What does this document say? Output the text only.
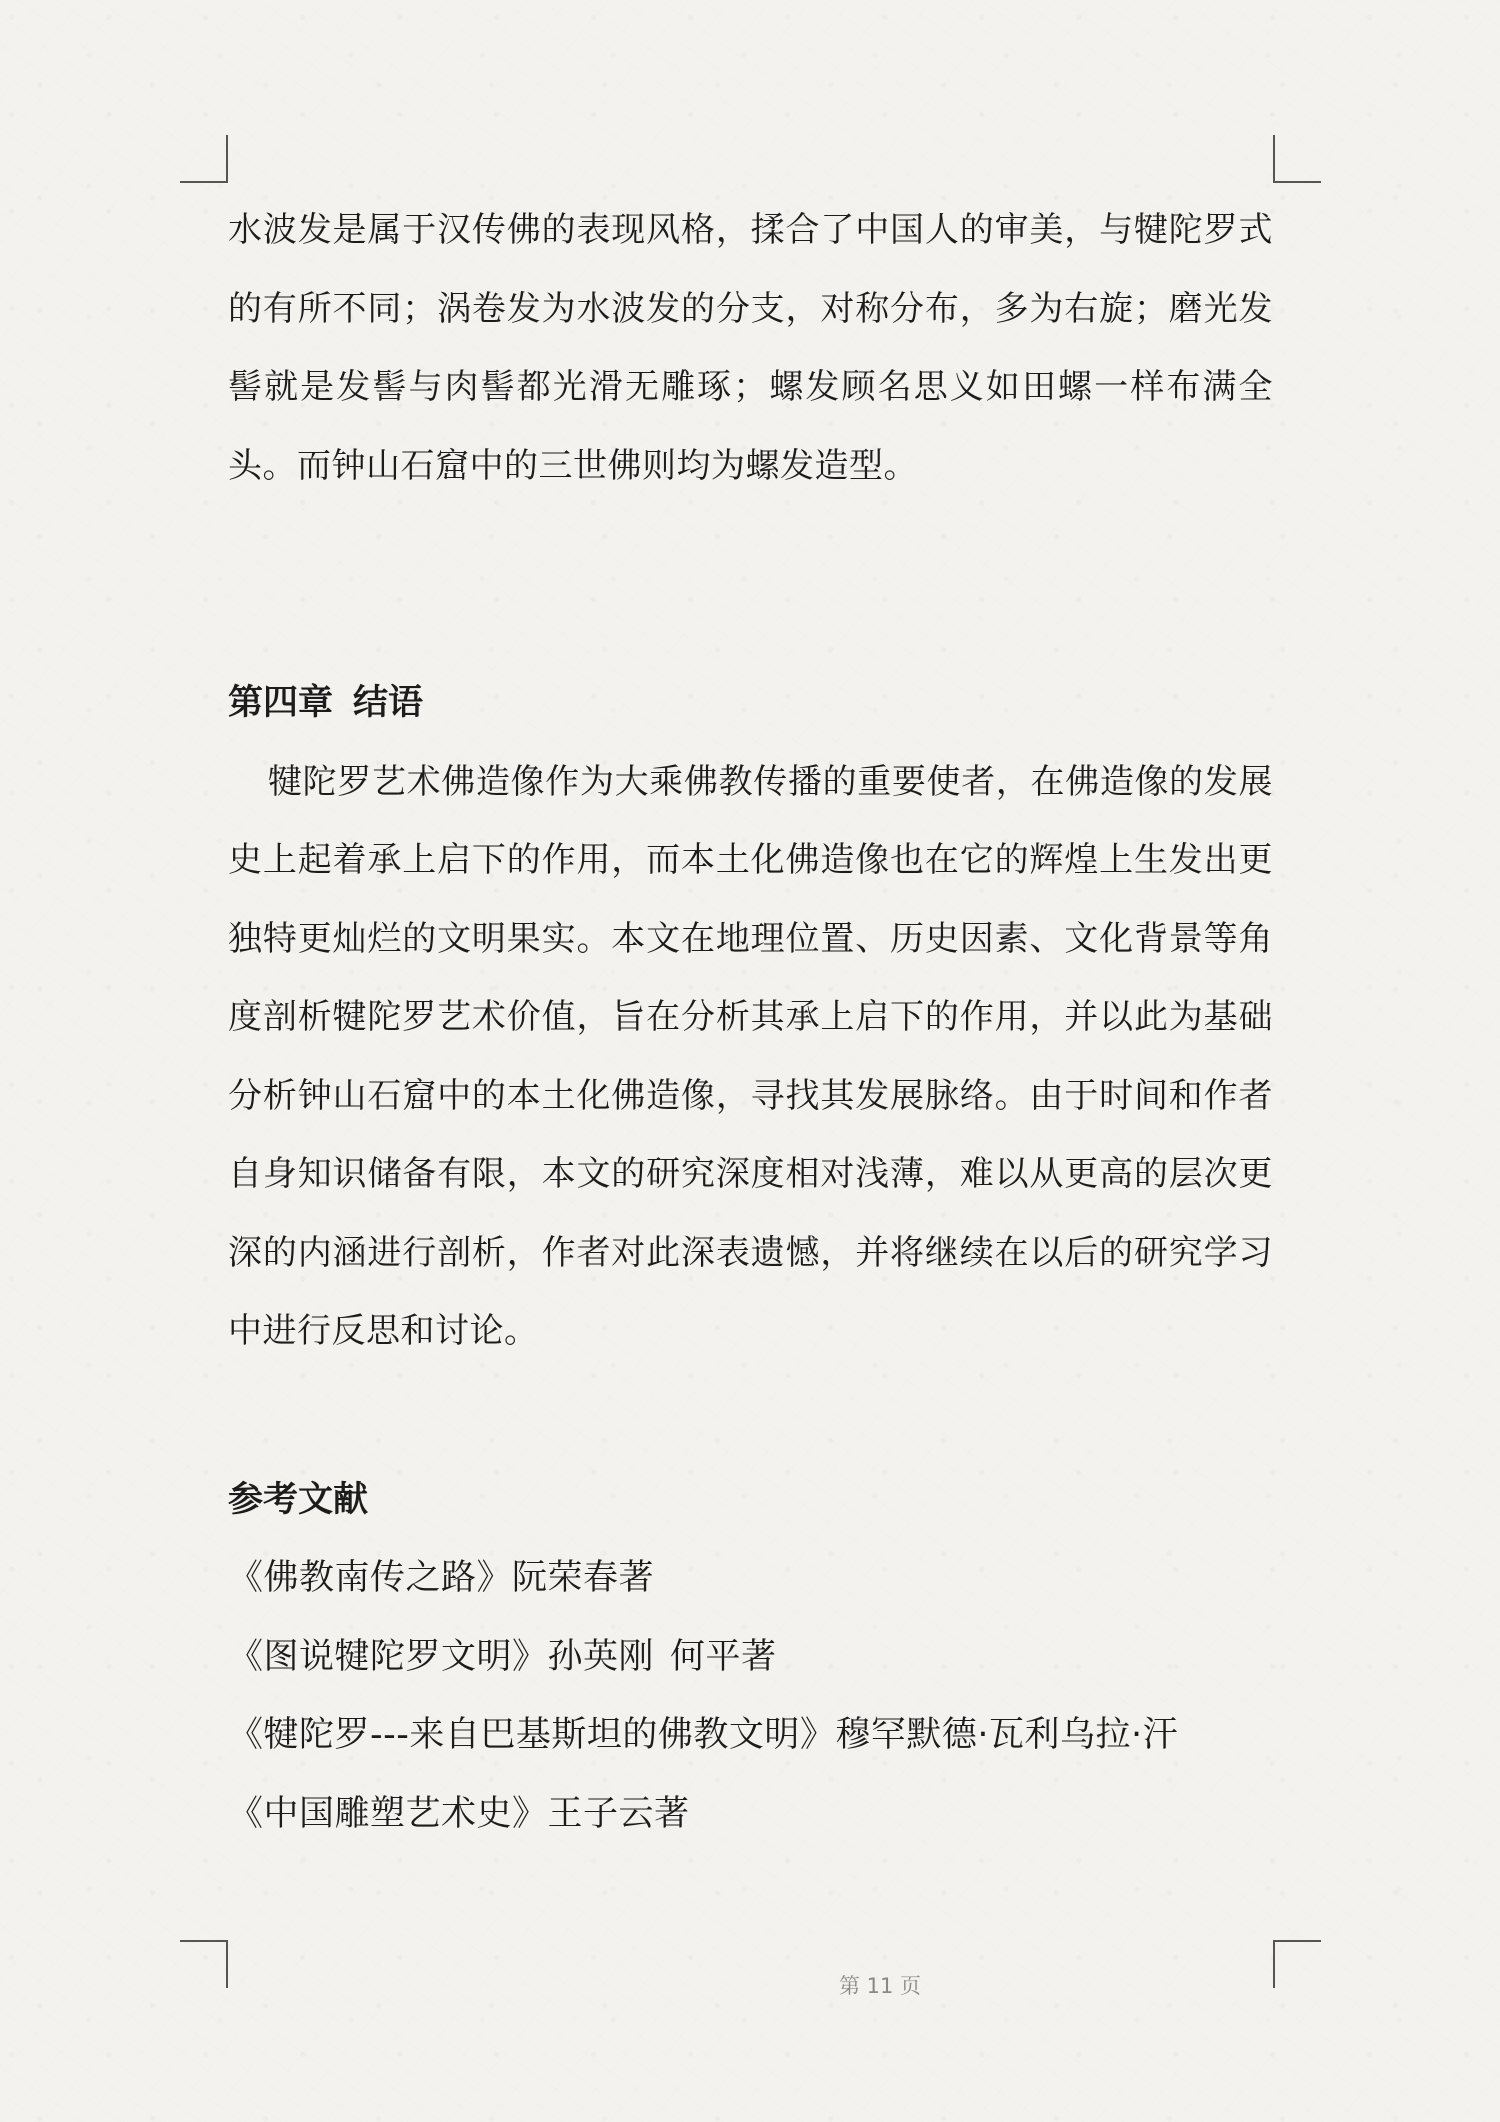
水波发是属于汉传佛的表现风格，揉合了中国人的审美，与犍陀罗式的有所不同；涡卷发为水波发的分支，对称分布，多为右旋；磨光发髻就是发髻与肉髻都光滑无雕琢；螺发顾名思义如田螺一样布满全头。而钟山石窟中的三世佛则均为螺发造型。

第四章 结语

犍陀罗艺术佛造像作为大乘佛教传播的重要使者，在佛造像的发展史上起着承上启下的作用，而本土化佛造像也在它的辉煌上生发出更独特更灿烂的文明果实。本文在地理位置、历史因素、文化背景等角度剖析犍陀罗艺术价值，旨在分析其承上启下的作用，并以此为基础分析钟山石窟中的本土化佛造像，寻找其发展脉络。由于时间和作者自身知识储备有限，本文的研究深度相对浅薄，难以从更高的层次更深的内涵进行剖析，作者对此深表遗憾，并将继续在以后的研究学习中进行反思和讨论。

参考文献

《佛教南传之路》阮荣春著

《图说犍陀罗文明》孙英刚 何平著

《犍陀罗---来自巴基斯坦的佛教文明》穆罕默德·瓦利乌拉·汗

《中国雕塑艺术史》王子云著

第 11 页
